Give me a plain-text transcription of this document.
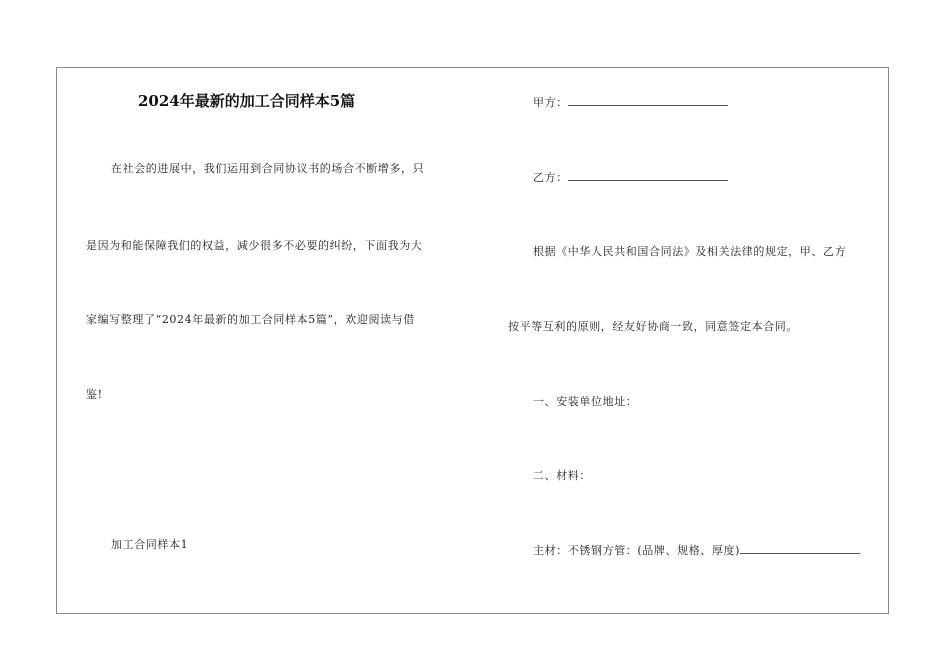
2024年最新的加工合同样本5篇
在社会的进展中，我们运用到合同协议书的场合不断增多，只
是因为和能保障我们的权益，减少很多不必要的纠纷，下面我为大
家编写整理了“2024年最新的加工合同样本5篇”，欢迎阅读与借
鉴!
加工合同样本1
甲方：
乙方：
根据《中华人民共和国合同法》及相关法律的规定，甲、乙方
按平等互利的原则，经友好协商一致，同意签定本合同。
一、安装单位地址：
二、材料：
主材：不锈钢方管：(品牌、规格、厚度)
